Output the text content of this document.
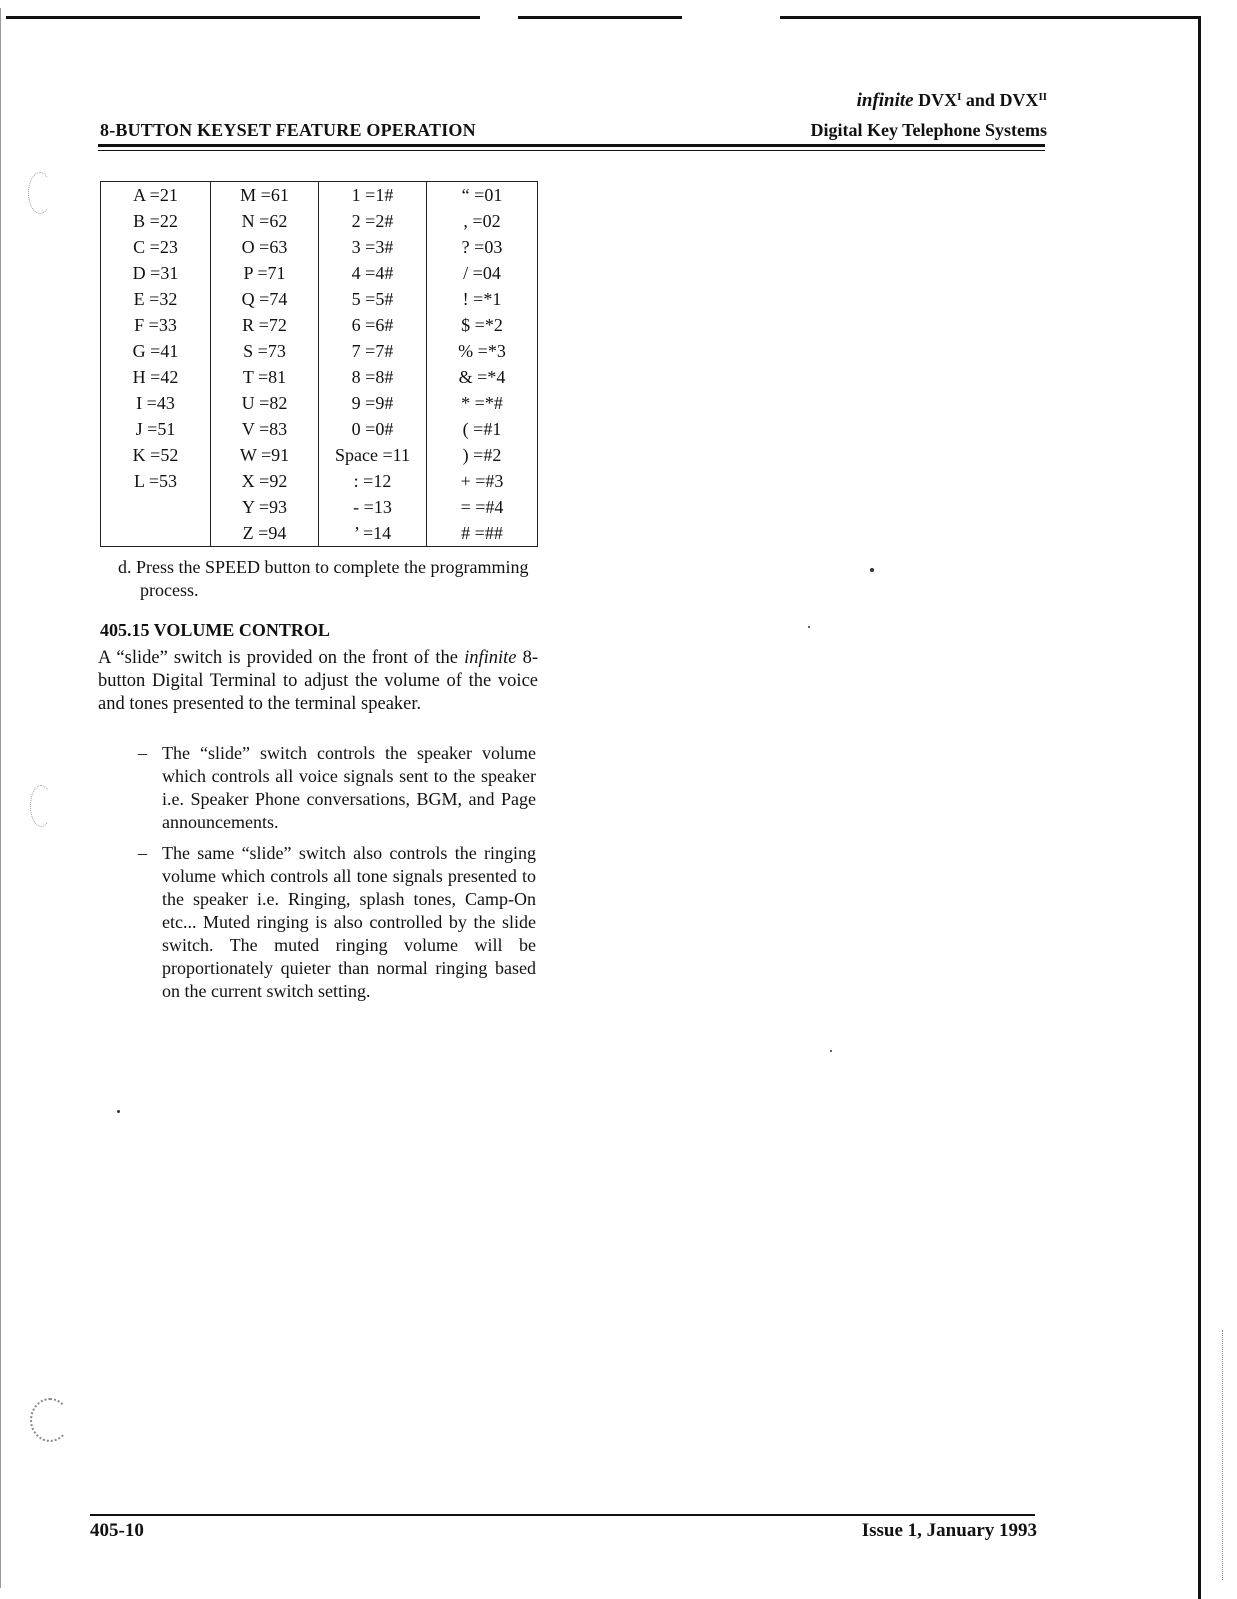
8-BUTTON KEYSET FEATURE OPERATION
infinite $DVX^I$ and $DVX^{II}$
Digital Key Telephone Systems
A =21	M =61	1 =1#	“ =01
B =22	N =62	2 =2#	, =02
C =23	O =63	3 =3#	? =03
D =31	P =71	4 =4#	/ =04
E =32	Q =74	5 =5#	! =*1
F =33	R =72	6 =6#	$ =*2
G =41	S =73	7 =7#	% =*3
H =42	T =81	8 =8#	& =*4
I =43	U =82	9 =9#	* =*#
J =51	V =83	0 =0#	( =#1
K =52	W =91	Space =11	) =#2
L =53	X =92	: =12	+ =#3
	Y =93	- =13	= =#4
	Z =94	’ =14	# =##
d. Press the SPEED button to complete the programming process.
405.15 VOLUME CONTROL

A “slide” switch is provided on the front of the infinite 8-button Digital Terminal to adjust the volume of the voice and tones presented to the terminal speaker.

– The “slide” switch controls the speaker volume which controls all voice signals sent to the speaker i.e. Speaker Phone conversations, BGM, and Page announcements.
– The same “slide” switch also controls the ringing volume which controls all tone signals presented to the speaker i.e. Ringing, splash tones, Camp-On etc... Muted ringing is also controlled by the slide switch. The muted ringing volume will be proportionately quieter than normal ringing based on the current switch setting.
405-10	Issue 1, January 1993
